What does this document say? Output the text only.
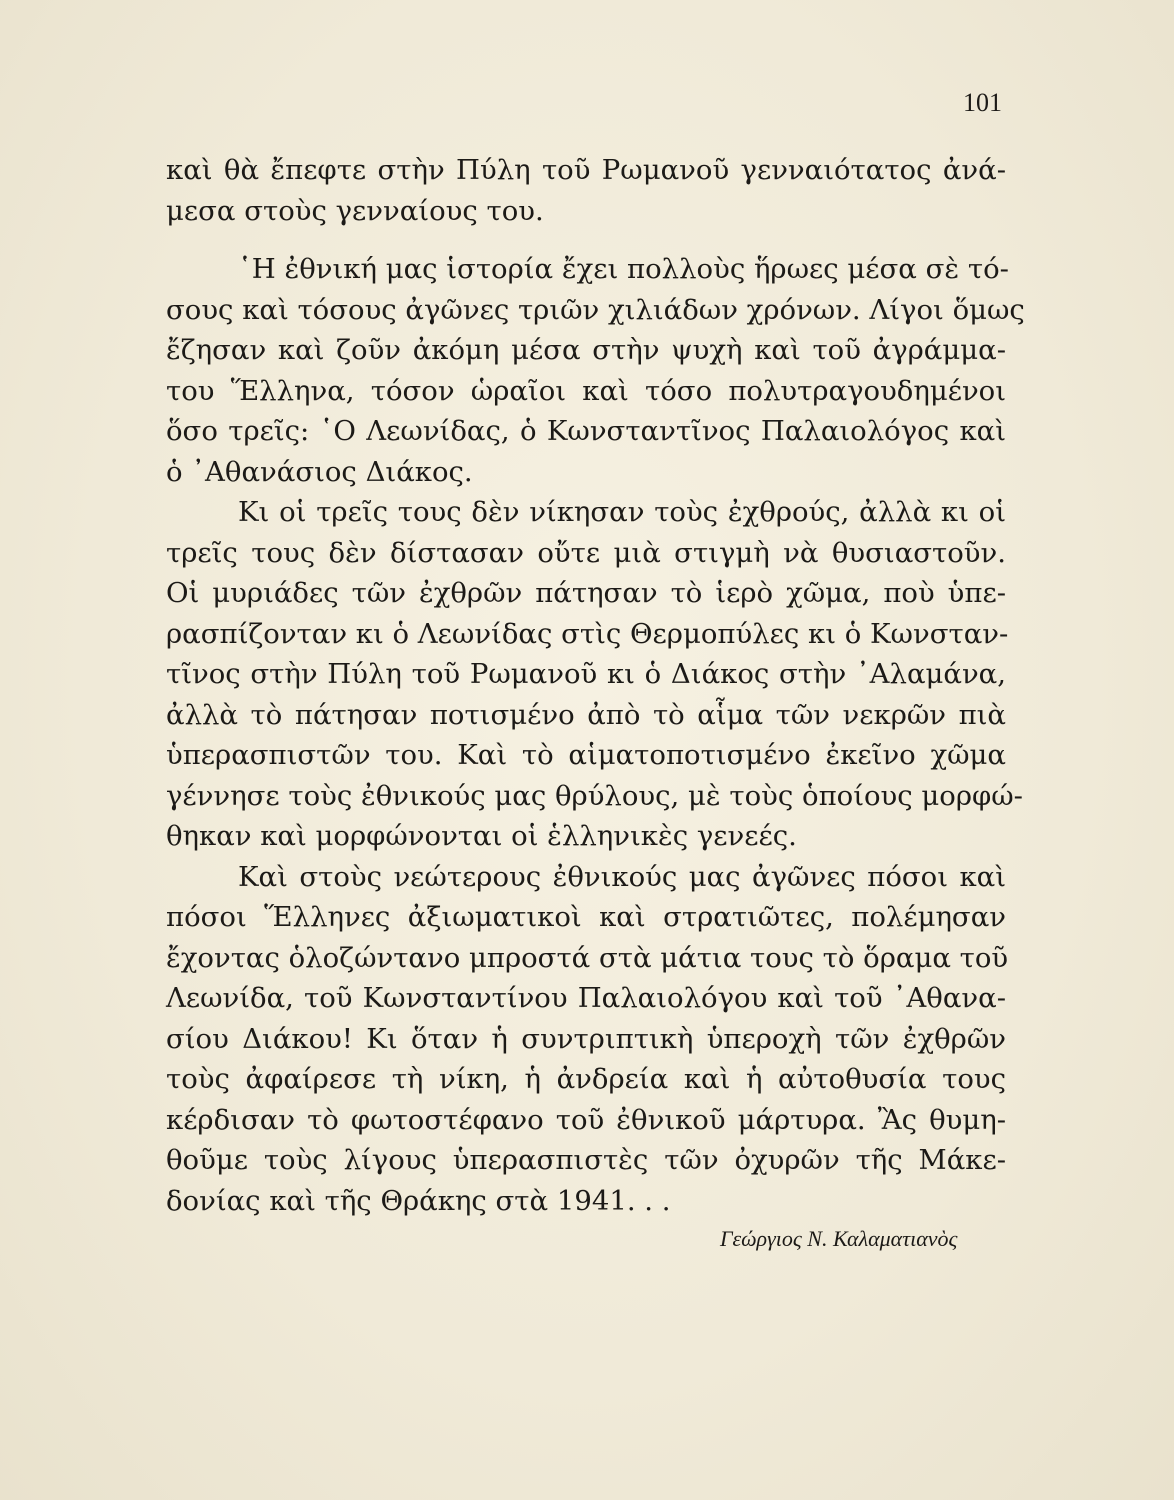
101

καὶ θὰ ἔπεφτε στὴν Πύλη τοῦ Ρωμανοῦ γενναιότατος ἀνά-
μεσα στοὺς γενναίους του.

῾Η ἐθνική μας ἱστορία ἔχει πολλοὺς ἥρωες μέσα σὲ τό-
σους καὶ τόσους ἀγῶνες τριῶν χιλιάδων χρόνων. Λίγοι ὅμως
ἔζησαν καὶ ζοῦν ἀκόμη μέσα στὴν ψυχὴ καὶ τοῦ ἀγράμμα-
του Ἕλληνα, τόσον ὡραῖοι καὶ τόσο πολυτραγουδημένοι
ὅσο τρεῖς: ῾Ο Λεωνίδας, ὁ Κωνσταντῖνος Παλαιολόγος καὶ
ὁ ᾿Αθανάσιος Διάκος.

Κι οἱ τρεῖς τους δὲν νίκησαν τοὺς ἐχθρούς, ἀλλὰ κι οἱ
τρεῖς τους δὲν δίστασαν οὔτε μιὰ στιγμὴ νὰ θυσιαστοῦν.
Οἱ μυριάδες τῶν ἐχθρῶν πάτησαν τὸ ἱερὸ χῶμα, ποὺ ὑπε-
ρασπίζονταν κι ὁ Λεωνίδας στὶς Θερμοπύλες κι ὁ Κωνσταν-
τῖνος στὴν Πύλη τοῦ Ρωμανοῦ κι ὁ Διάκος στὴν ᾿Αλαμάνα,
ἀλλὰ τὸ πάτησαν ποτισμένο ἀπὸ τὸ αἷμα τῶν νεκρῶν πιὰ
ὑπερασπιστῶν του. Καὶ τὸ αἱματοποτισμένο ἐκεῖνο χῶμα
γέννησε τοὺς ἐθνικούς μας θρύλους, μὲ τοὺς ὁποίους μορφώ-
θηκαν καὶ μορφώνονται οἱ ἑλληνικὲς γενεές.

Καὶ στοὺς νεώτερους ἐθνικούς μας ἀγῶνες πόσοι καὶ
πόσοι Ἕλληνες ἀξιωματικοὶ καὶ στρατιῶτες, πολέμησαν
ἔχοντας ὁλοζώντανο μπροστά στὰ μάτια τους τὸ ὅραμα τοῦ
Λεωνίδα, τοῦ Κωνσταντίνου Παλαιολόγου καὶ τοῦ ᾿Αθανα-
σίου Διάκου! Κι ὅταν ἡ συντριπτικὴ ὑπεροχὴ τῶν ἐχθρῶν
τοὺς ἀφαίρεσε τὴ νίκη, ἡ ἀνδρεία καὶ ἡ αὐτοθυσία τους
κέρδισαν τὸ φωτοστέφανο τοῦ ἐθνικοῦ μάρτυρα. Ἂς θυμη-
θοῦμε τοὺς λίγους ὑπερασπιστὲς τῶν ὀχυρῶν τῆς Μάκε-
δονίας καὶ τῆς Θράκης στὰ 1941. . .

Γεώργιος Ν. Καλαματιανὸς
